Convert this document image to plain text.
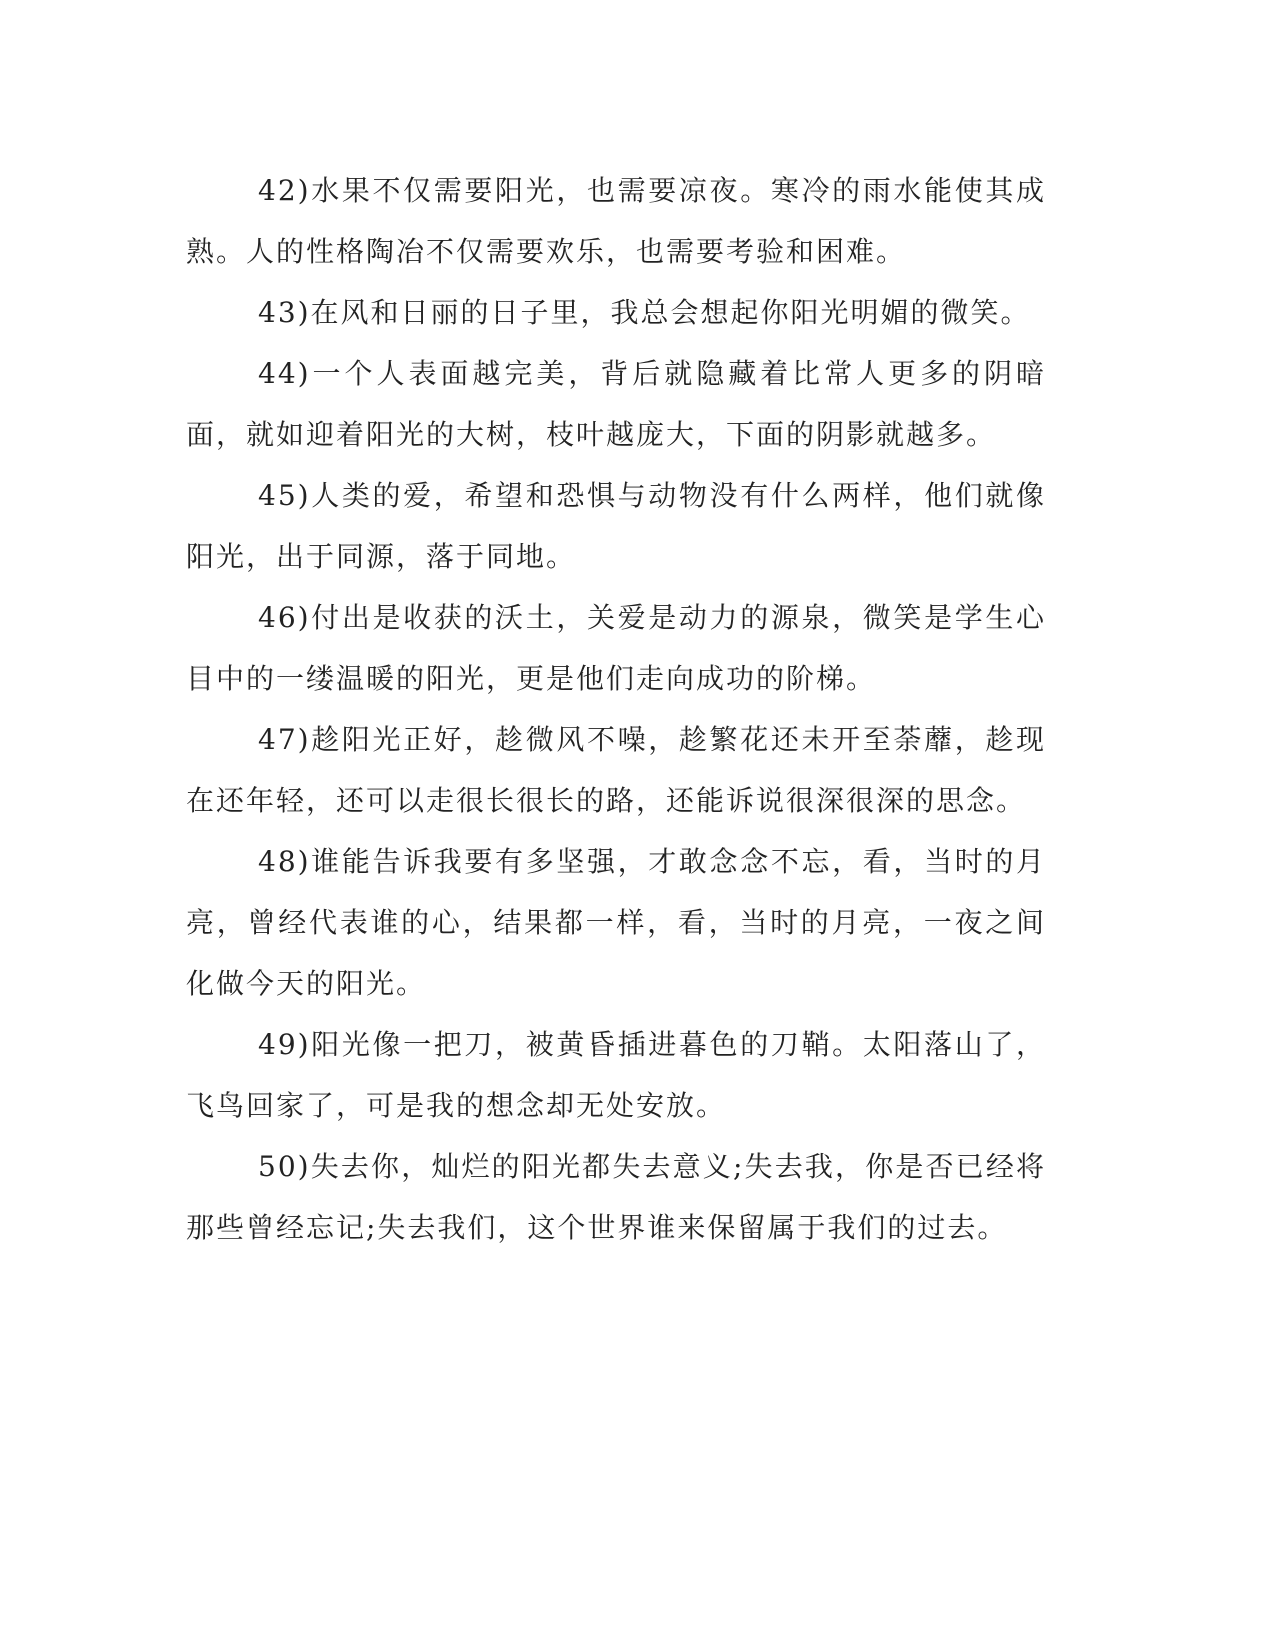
42)水果不仅需要阳光，也需要凉夜。寒冷的雨水能使其成熟。人的性格陶冶不仅需要欢乐，也需要考验和困难。

43)在风和日丽的日子里，我总会想起你阳光明媚的微笑。

44)一个人表面越完美，背后就隐藏着比常人更多的阴暗面，就如迎着阳光的大树，枝叶越庞大，下面的阴影就越多。

45)人类的爱，希望和恐惧与动物没有什么两样，他们就像阳光，出于同源，落于同地。

46)付出是收获的沃土，关爱是动力的源泉，微笑是学生心目中的一缕温暖的阳光，更是他们走向成功的阶梯。

47)趁阳光正好，趁微风不噪，趁繁花还未开至荼蘼，趁现在还年轻，还可以走很长很长的路，还能诉说很深很深的思念。

48)谁能告诉我要有多坚强，才敢念念不忘，看，当时的月亮，曾经代表谁的心，结果都一样，看，当时的月亮，一夜之间化做今天的阳光。

49)阳光像一把刀，被黄昏插进暮色的刀鞘。太阳落山了，飞鸟回家了，可是我的想念却无处安放。

50)失去你，灿烂的阳光都失去意义;失去我，你是否已经将那些曾经忘记;失去我们，这个世界谁来保留属于我们的过去。
